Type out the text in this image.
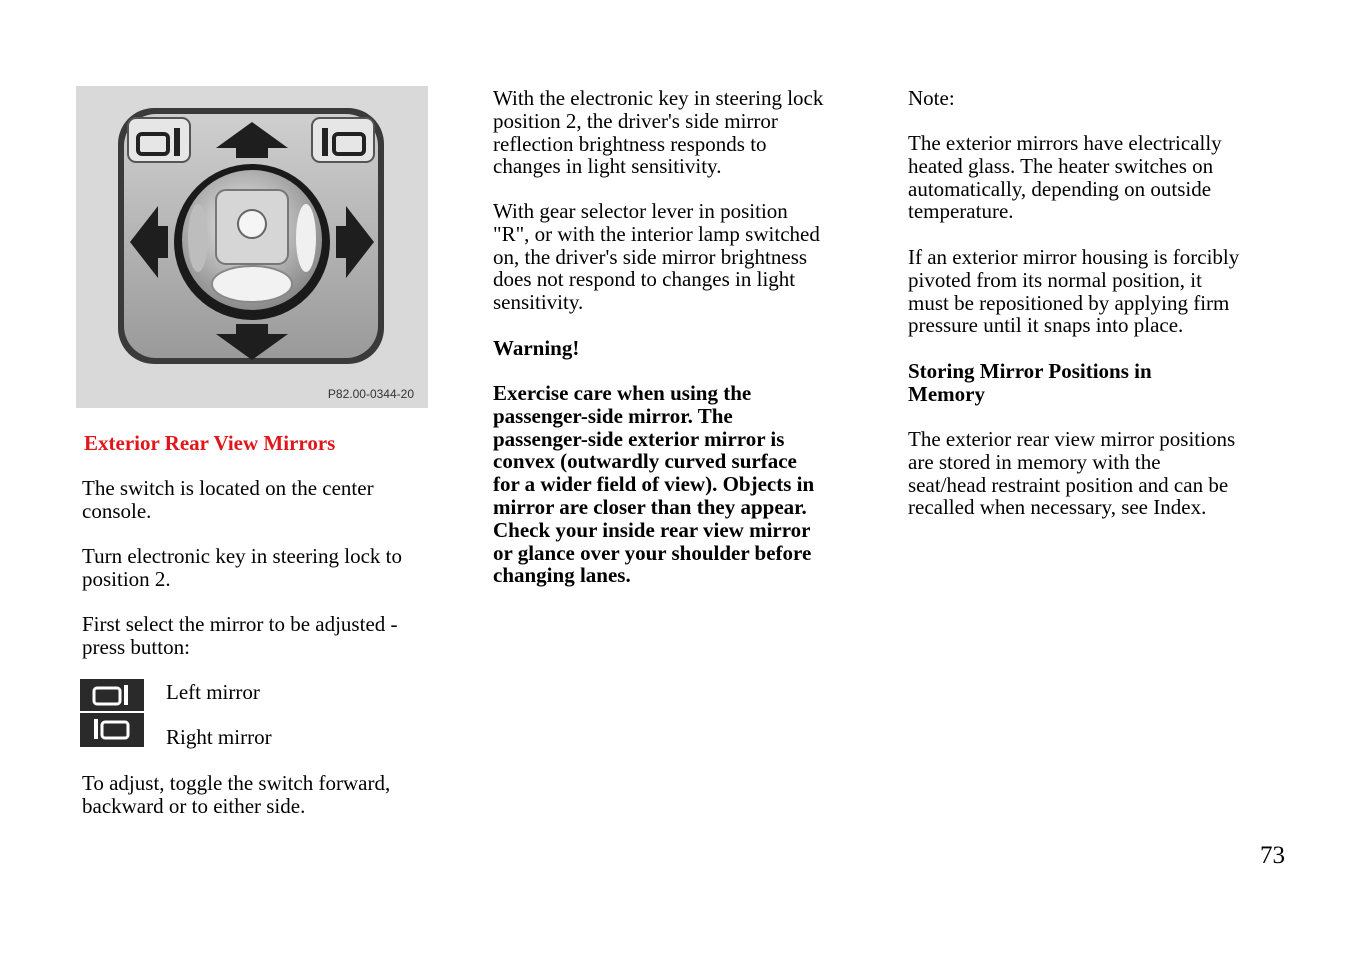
P82.00-0344-20
Exterior Rear View Mirrors

The switch is located on the center

console.

Turn electronic key in steering lock to

position 2.

First select the mirror to be adjusted -

press button:

Left mirror

Right mirror

To adjust, toggle the switch forward,

backward or to either side.

With the electronic key in steering lock

position 2, the driver's side mirror

reflection brightness responds to

changes in light sensitivity.

With gear selector lever in position

"R", or with the interior lamp switched

on, the driver's side mirror brightness

does not respond to changes in light

sensitivity.

Warning!

Exercise care when using the

passenger-side mirror. The

passenger-side exterior mirror is

convex (outwardly curved surface

for a wider field of view). Objects in

mirror are closer than they appear.

Check your inside rear view mirror

or glance over your shoulder before

changing lanes.

Note:

The exterior mirrors have electrically

heated glass. The heater switches on

automatically, depending on outside

temperature.

If an exterior mirror housing is forcibly

pivoted from its normal position, it

must be repositioned by applying firm

pressure until it snaps into place.

Storing Mirror Positions in

Memory

The exterior rear view mirror positions

are stored in memory with the

seat/head restraint position and can be

recalled when necessary, see Index.

73
